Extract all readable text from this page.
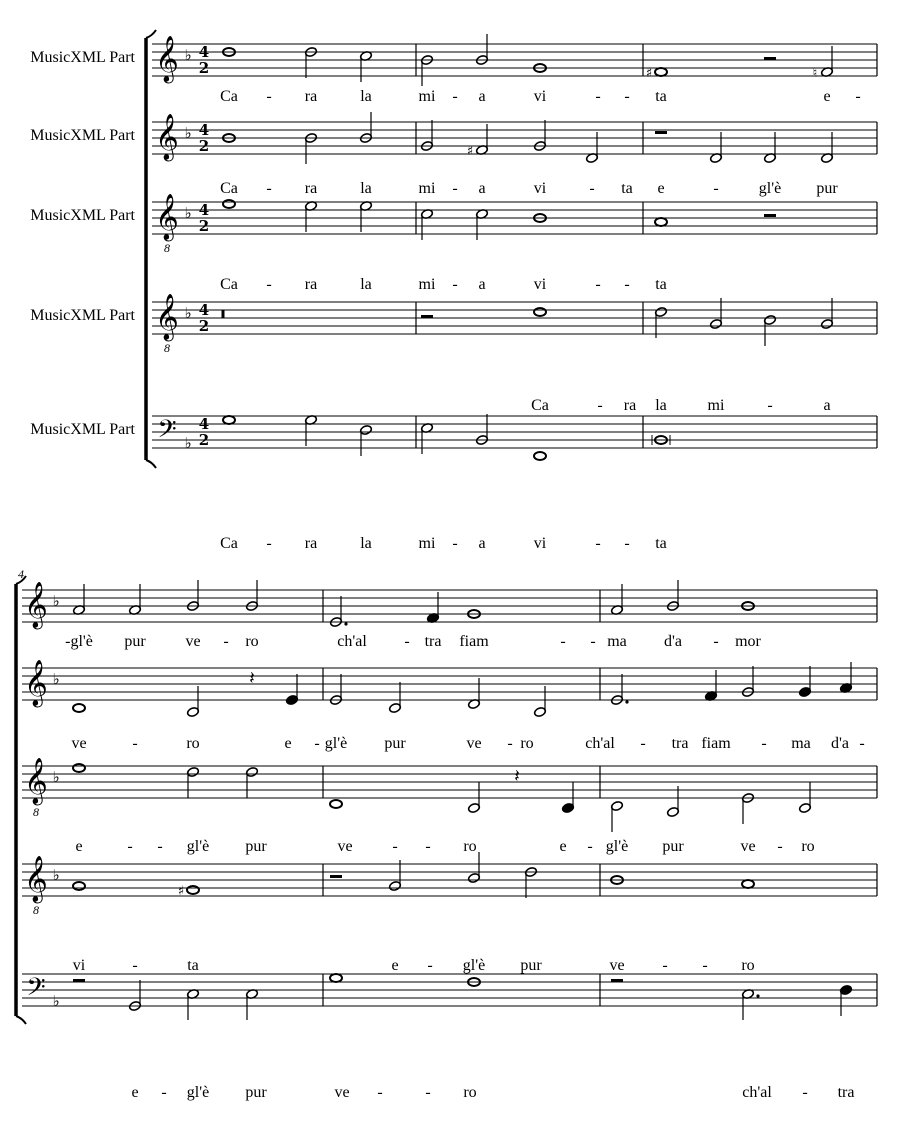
MusicXML Part 𝄞 ♭ 4
2
MusicXML Part 𝄞 ♭ 4
2
MusicXML Part 𝄞
8
♭ 4
2
MusicXML Part 𝄞
8
♭ 4
2
MusicXML Part 𝄢 ♭
4
2
♯	♮
♯
Ca - ra	la	mi - a	vi	- - ta	e -
Ca - ra	la	mi - a	vi	- ta e	-	gl'è pur
Ca - ra	la	mi - a	vi	- - ta
Ca	- ra la	mi	-	a
Ca - ra	la	mi - a	vi	- - ta
4
𝄞 ♭
𝄞 ♭
𝄞
8
♭
𝄞
8
♭
𝄢 ♭
𝄽
𝄽
♯
-gl'è pur ve - ro	ch'al - tra fiam	- - ma d'a - mor
ve	-	ro	e - gl'è pur	ve - ro	ch'al - tra fiam - ma d'a -
e	- - gl'è pur	ve - - ro	e - gl'è pur	ve - ro
vi	-	ta	e - gl'è pur	ve - - ro
e - gl'è pur	ve -	- ro	ch'al - tra
